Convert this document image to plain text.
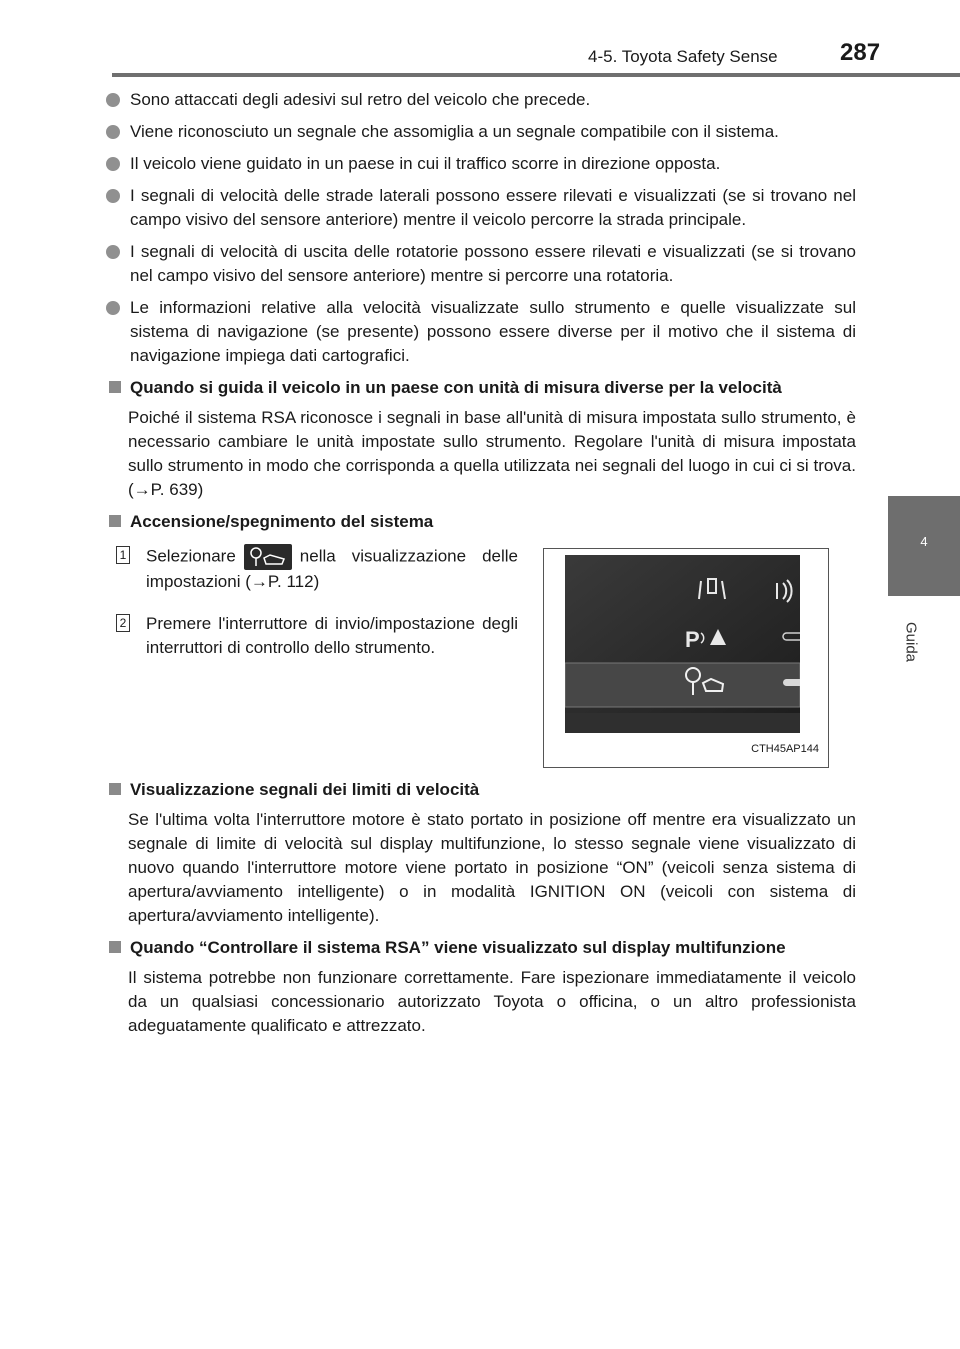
4-5. Toyota Safety Sense	287
4
Guida
Sono attaccati degli adesivi sul retro del veicolo che precede.
Viene riconosciuto un segnale che assomiglia a un segnale compatibile con il sistema.
Il veicolo viene guidato in un paese in cui il traffico scorre in direzione opposta.
I segnali di velocità delle strade laterali possono essere rilevati e visualizzati (se si trovano nel campo visivo del sensore anteriore) mentre il veicolo percorre la strada principale.
I segnali di velocità di uscita delle rotatorie possono essere rilevati e visualizzati (se si trovano nel campo visivo del sensore anteriore) mentre si percorre una rotatoria.
Le informazioni relative alla velocità visualizzate sullo strumento e quelle visualizzate sul sistema di navigazione (se presente) possono essere diverse per il motivo che il sistema di navigazione impiega dati cartografici.
Quando si guida il veicolo in un paese con unità di misura diverse per la velocità
Poiché il sistema RSA riconosce i segnali in base all'unità di misura impostata sullo strumento, è necessario cambiare le unità impostate sullo strumento. Regolare l'unità di misura impostata sullo strumento in modo che corrisponda a quella utilizzata nei segnali del luogo in cui ci si trova. (→P. 639)
Accensione/spegnimento del sistema
1 Selezionare	nella visualizzazione delle impostazioni (→P. 112)
2 Premere l'interruttore di invio/impostazione degli interruttori di controllo dello strumento.	P
CTH45AP144
Visualizzazione segnali dei limiti di velocità
Se l'ultima volta l'interruttore motore è stato portato in posizione off mentre era visualizzato un segnale di limite di velocità sul display multifunzione, lo stesso segnale viene visualizzato di nuovo quando l'interruttore motore viene portato in posizione “ON” (veicoli senza sistema di apertura/avviamento intelligente) o in modalità IGNITION ON (veicoli con sistema di apertura/avviamento intelligente).
Quando “Controllare il sistema RSA” viene visualizzato sul display multifunzione
Il sistema potrebbe non funzionare correttamente. Fare ispezionare immediatamente il veicolo da un qualsiasi concessionario autorizzato Toyota o officina, o un altro professionista adeguatamente qualificato e attrezzato.
